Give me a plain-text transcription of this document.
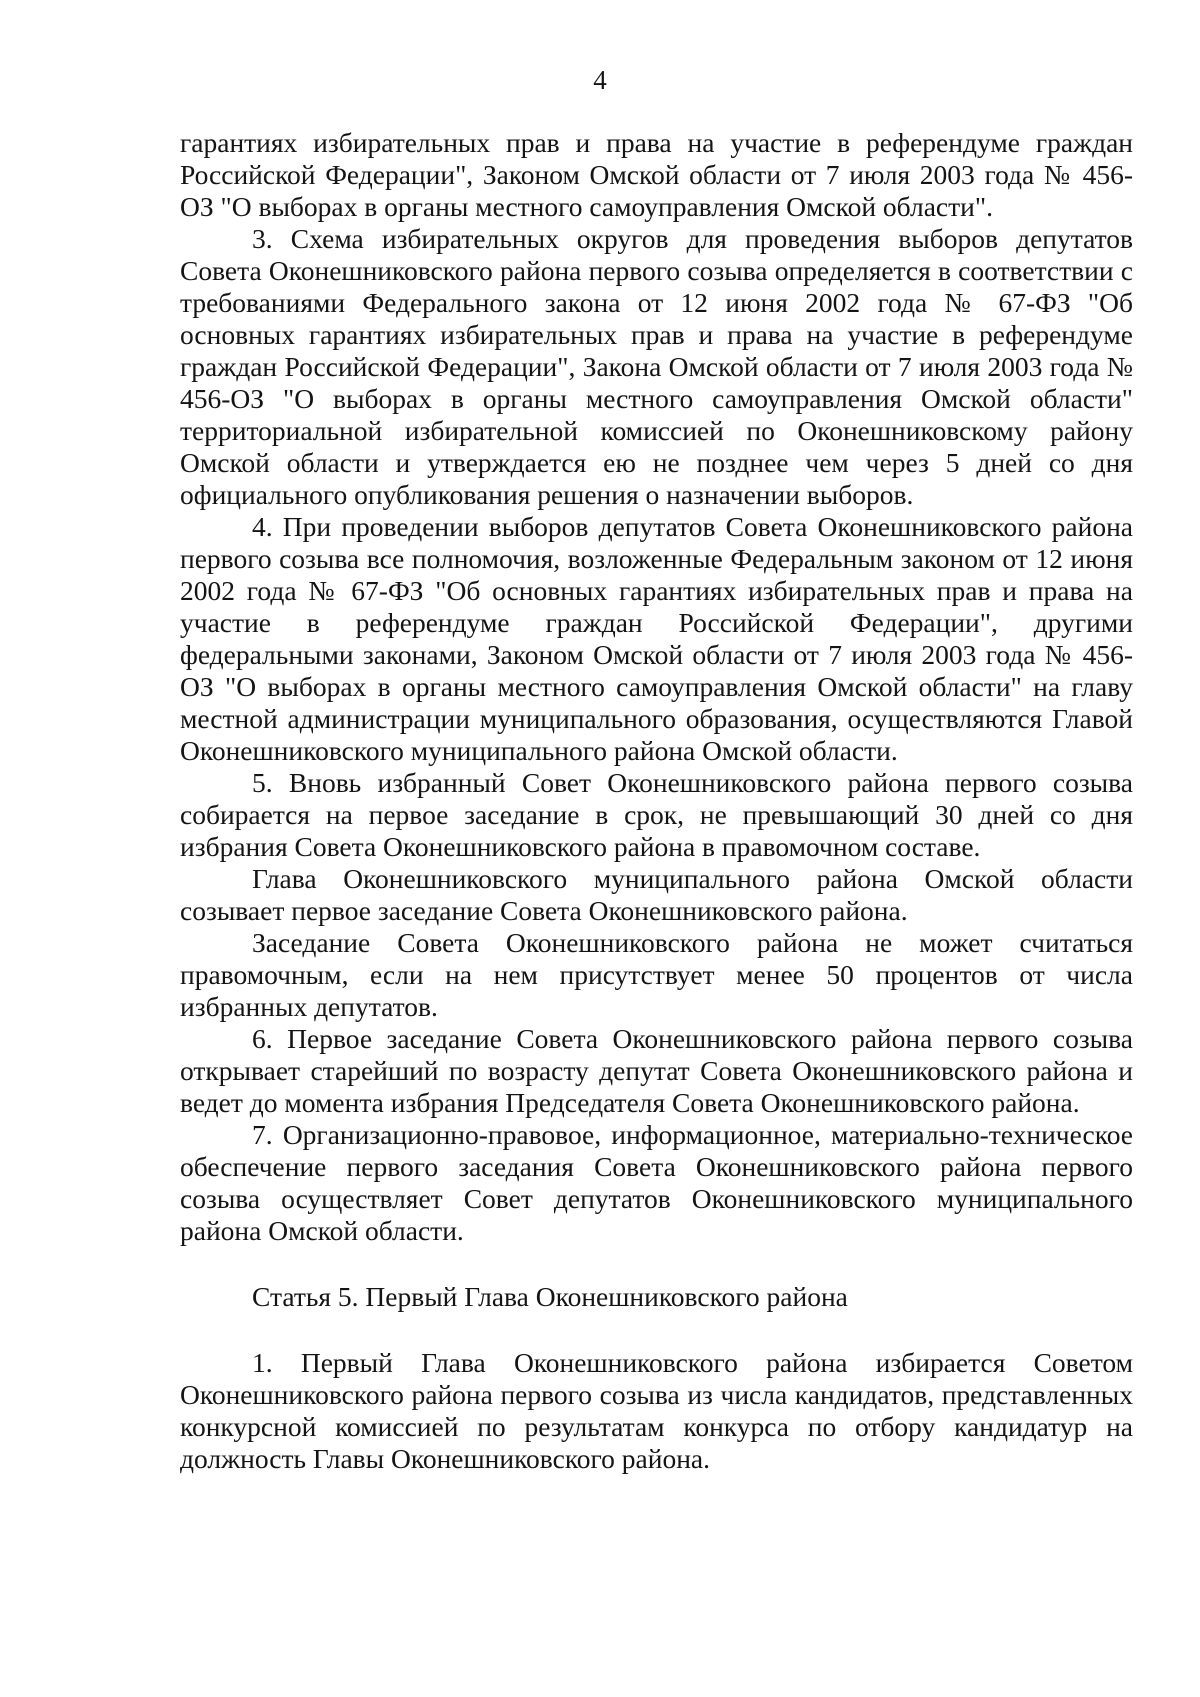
4

гарантиях избирательных прав и права на участие в референдуме граждан Российской Федерации", Законом Омской области от 7 июля 2003 года № 456-ОЗ "О выборах в органы местного самоуправления Омской области".

3. Схема избирательных округов для проведения выборов депутатов Совета Оконешниковского района первого созыва определяется в соответствии с требованиями Федерального закона от 12 июня 2002 года № 67-ФЗ "Об основных гарантиях избирательных прав и права на участие в референдуме граждан Российской Федерации", Закона Омской области от 7 июля 2003 года № 456-ОЗ "О выборах в органы местного самоуправления Омской области" территориальной избирательной комиссией по Оконешниковскому району Омской области и утверждается ею не позднее чем через 5 дней со дня официального опубликования решения о назначении выборов.

4. При проведении выборов депутатов Совета Оконешниковского района первого созыва все полномочия, возложенные Федеральным законом от 12 июня 2002 года № 67-ФЗ "Об основных гарантиях избирательных прав и права на участие в референдуме граждан Российской Федерации", другими федеральными законами, Законом Омской области от 7 июля 2003 года № 456-ОЗ "О выборах в органы местного самоуправления Омской области" на главу местной администрации муниципального образования, осуществляются Главой Оконешниковского муниципального района Омской области.

5. Вновь избранный Совет Оконешниковского района первого созыва собирается на первое заседание в срок, не превышающий 30 дней со дня избрания Совета Оконешниковского района в правомочном составе.

Глава Оконешниковского муниципального района Омской области созывает первое заседание Совета Оконешниковского района.

Заседание Совета Оконешниковского района не может считаться правомочным, если на нем присутствует менее 50 процентов от числа избранных депутатов.

6. Первое заседание Совета Оконешниковского района первого созыва открывает старейший по возрасту депутат Совета Оконешниковского района и ведет до момента избрания Председателя Совета Оконешниковского района.

7. Организационно-правовое, информационное, материально-техническое обеспечение первого заседания Совета Оконешниковского района первого созыва осуществляет Совет депутатов Оконешниковского муниципального района Омской области.

Статья 5. Первый Глава Оконешниковского района

1. Первый Глава Оконешниковского района избирается Советом Оконешниковского района первого созыва из числа кандидатов, представленных конкурсной комиссией по результатам конкурса по отбору кандидатур на должность Главы Оконешниковского района.
